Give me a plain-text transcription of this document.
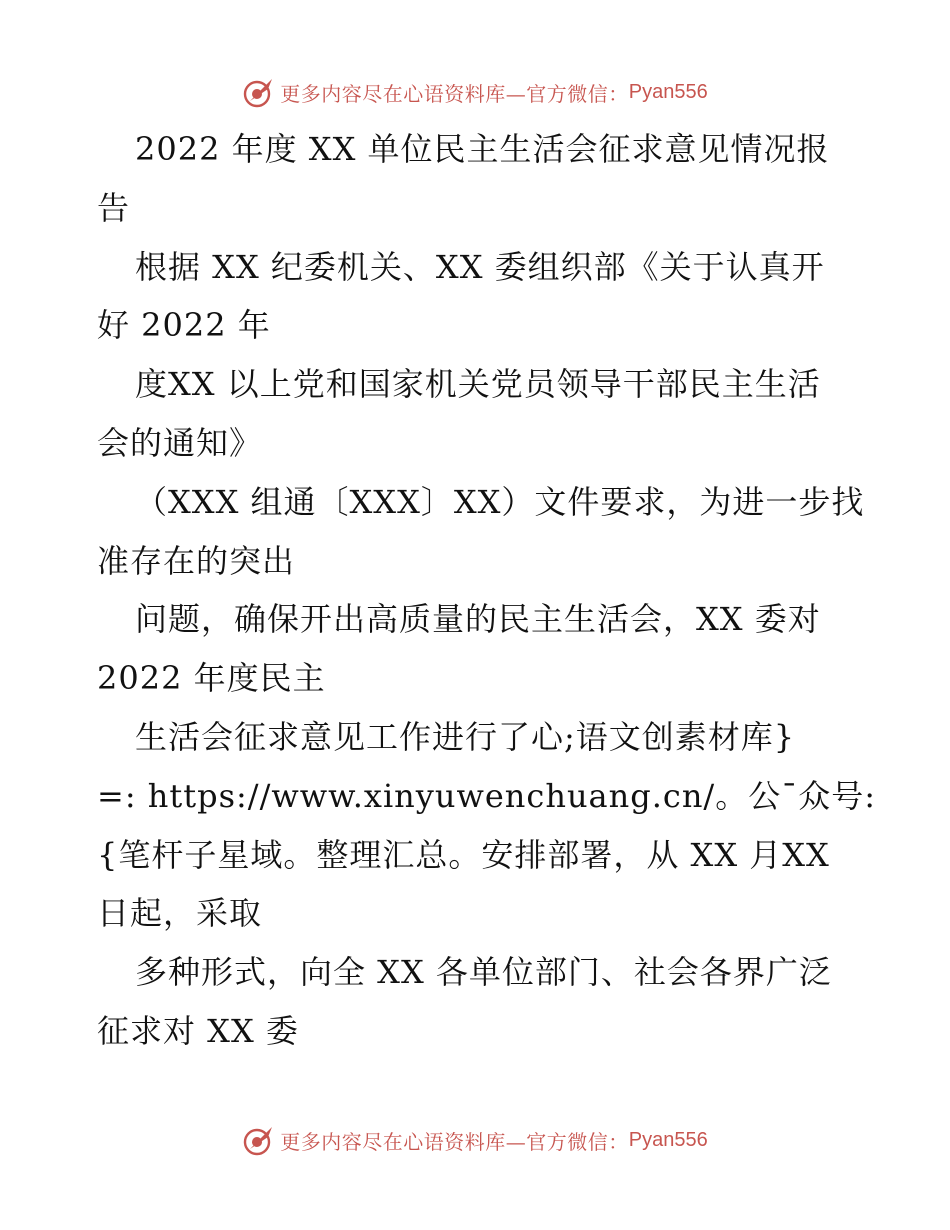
更多内容尽在心语资料库—官方微信： Pyan556
2022 年度 XX 单位民主生活会征求意见情况报
告
根据 XX 纪委机关、XX 委组织部《关于认真开
好 2022 年
度XX 以上党和国家机关党员领导干部民主生活
会的通知》
（XXX 组通〔XXX〕XX）文件要求，为进一步找
准存在的突出
问题，确保开出高质量的民主生活会，XX 委对
2022 年度民主
生活会征求意见工作进行了心;语文创素材库}
=: https://www.xinyuwenchuang.cn/。公¯众号:
{笔杆子星域。整理汇总。安排部署，从 XX 月XX
日起，采取
多种形式，向全 XX 各单位部门、社会各界广泛
征求对 XX 委
更多内容尽在心语资料库—官方微信： Pyan556
